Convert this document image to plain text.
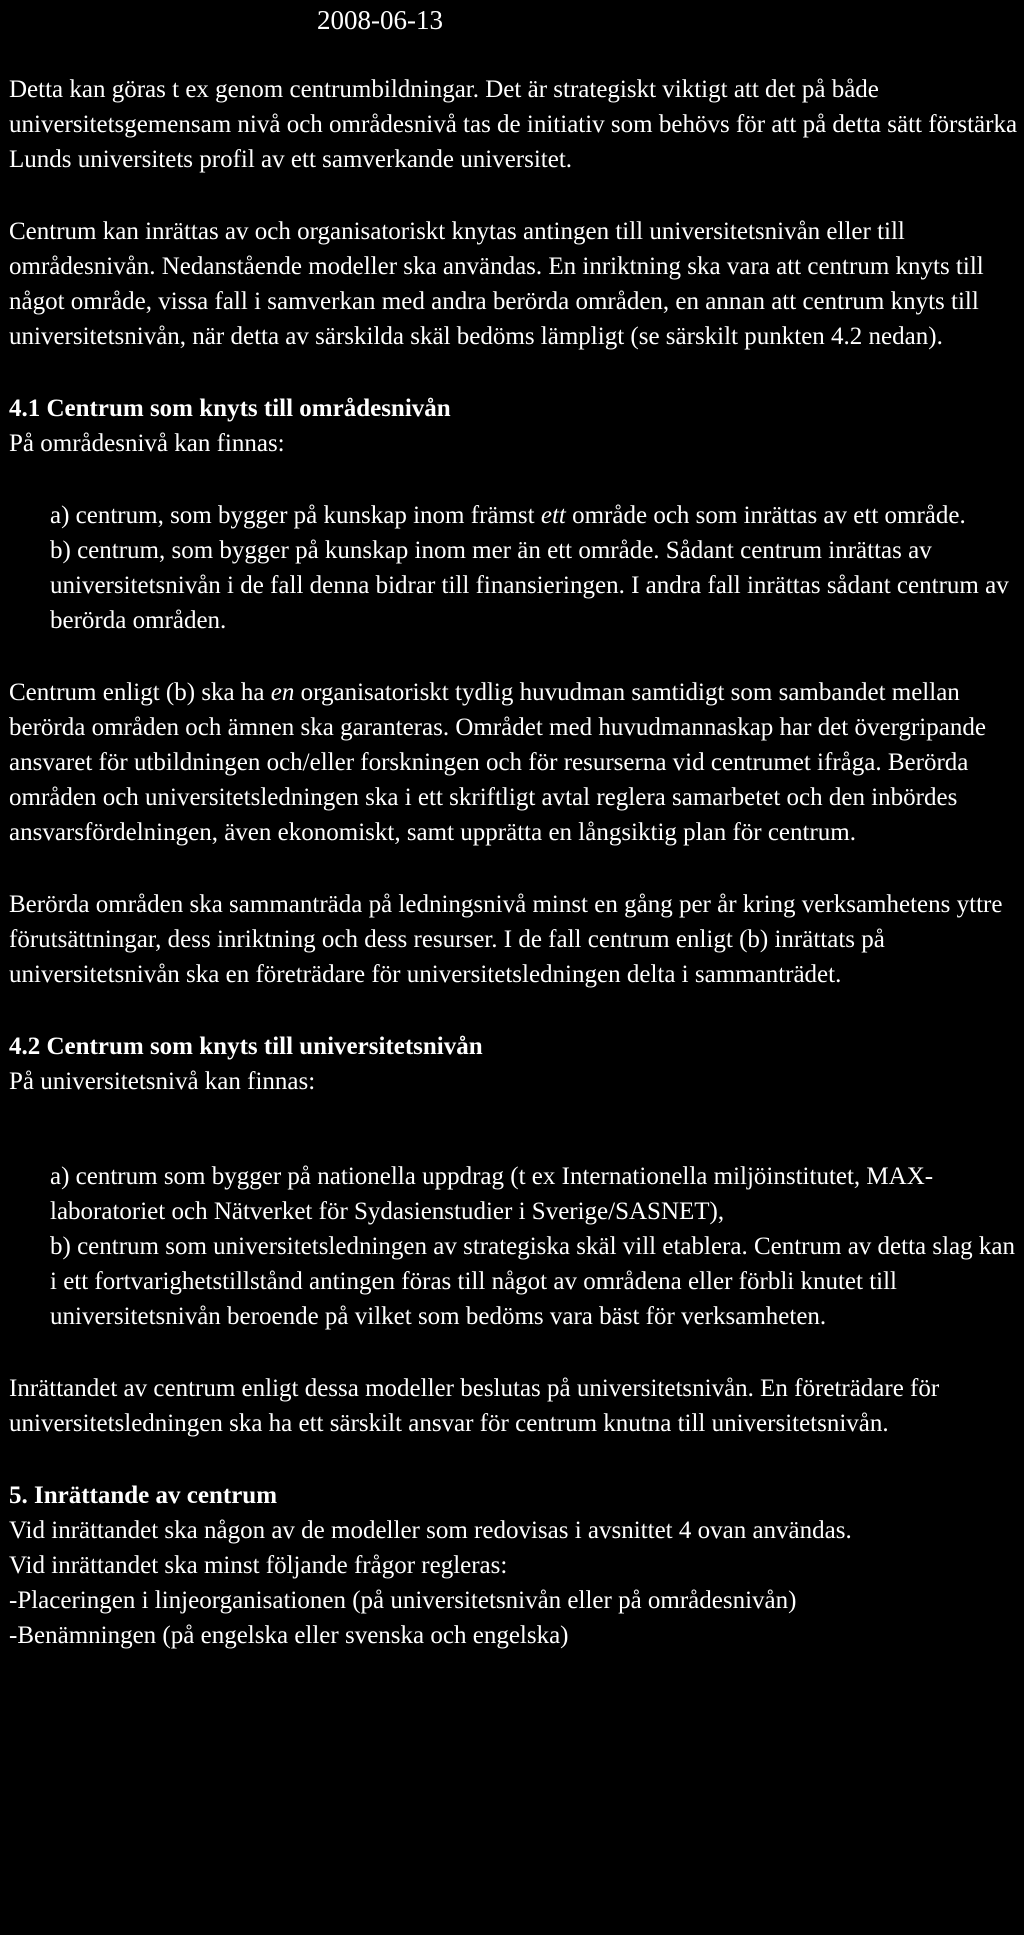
2008-06-13

Detta kan göras t ex genom centrumbildningar. Det är strategiskt viktigt att det på både universitetsgemensam nivå och områdesnivå tas de initiativ som behövs för att på detta sätt förstärka Lunds universitets profil av ett samverkande universitet.

Centrum kan inrättas av och organisatoriskt knytas antingen till universitetsnivån eller till områdesnivån. Nedanstående modeller ska användas. En inriktning ska vara att centrum knyts till något område, vissa fall i samverkan med andra berörda områden, en annan att centrum knyts till universitetsnivån, när detta av särskilda skäl bedöms lämpligt (se särskilt punkten 4.2 nedan).

4.1 Centrum som knyts till områdesnivån

På områdesnivå kan finnas:

a) centrum, som bygger på kunskap inom främst ett område och som inrättas av ett område.

b) centrum, som bygger på kunskap inom mer än ett område. Sådant centrum inrättas av universitetsnivån i de fall denna bidrar till finansieringen. I andra fall inrättas sådant centrum av berörda områden.

Centrum enligt (b) ska ha en organisatoriskt tydlig huvudman samtidigt som sambandet mellan berörda områden och ämnen ska garanteras. Området med huvudmannaskap har det övergripande ansvaret för utbildningen och/eller forskningen och för resurserna vid centrumet ifråga. Berörda områden och universitetsledningen ska i ett skriftligt avtal reglera samarbetet och den inbördes ansvarsfördelningen, även ekonomiskt, samt upprätta en långsiktig plan för centrum.

Berörda områden ska sammanträda på ledningsnivå minst en gång per år kring verksamhetens yttre förutsättningar, dess inriktning och dess resurser. I de fall centrum enligt (b) inrättats på universitetsnivån ska en företrädare för universitetsledningen delta i sammanträdet.

4.2 Centrum som knyts till universitetsnivån

På universitetsnivå kan finnas:

a) centrum som bygger på nationella uppdrag (t ex Internationella miljöinstitutet, MAX-laboratoriet och Nätverket för Sydasienstudier i Sverige/SASNET),

b) centrum som universitetsledningen av strategiska skäl vill etablera. Centrum av detta slag kan i ett fortvarighetstillstånd antingen föras till något av områdena eller förbli knutet till universitetsnivån beroende på vilket som bedöms vara bäst för verksamheten.

Inrättandet av centrum enligt dessa modeller beslutas på universitetsnivån. En företrädare för universitetsledningen ska ha ett särskilt ansvar för centrum knutna till universitetsnivån.

5. Inrättande av centrum

Vid inrättandet ska någon av de modeller som redovisas i avsnittet 4 ovan användas.

Vid inrättandet ska minst följande frågor regleras:

-Placeringen i linjeorganisationen (på universitetsnivån eller på områdesnivån)

-Benämningen (på engelska eller svenska och engelska)
